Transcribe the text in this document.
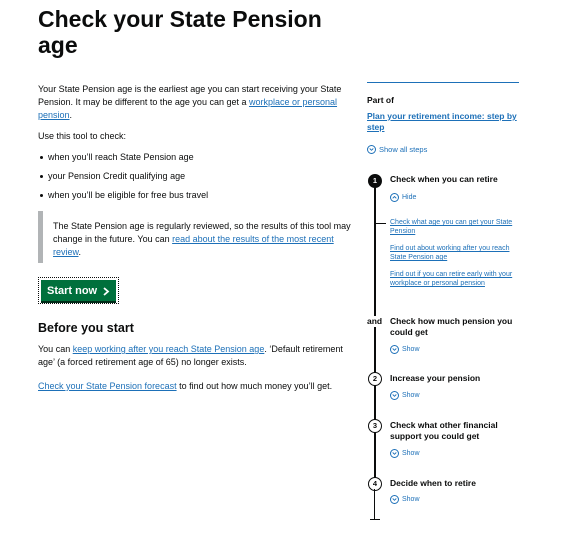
Check your State Pension age

Your State Pension age is the earliest age you can start receiving your State Pension. It may be different to the age you can get a workplace or personal pension.

Use this tool to check:

when you’ll reach State Pension age
your Pension Credit qualifying age
when you’ll be eligible for free bus travel
The State Pension age is regularly reviewed, so the results of this tool may change in the future. You can read about the results of the most recent review.
Start now
Before you start

You can keep working after you reach State Pension age. ‘Default retirement age’ (a forced retirement age of 65) no longer exists.

Check your State Pension forecast to find out how much money you’ll get.

Part of
Plan your retirement income: step by step
Show all steps
1	Check when you can retire
Hide
Check what age you can get your State Pension
Find out about working after you reach State Pension age
Find out if you can retire early with your workplace or personal pension
and Check how much pension you could get
Show
2	Increase your pension
Show
3	Check what other financial support you could get
Show
4	Decide when to retire
Show
